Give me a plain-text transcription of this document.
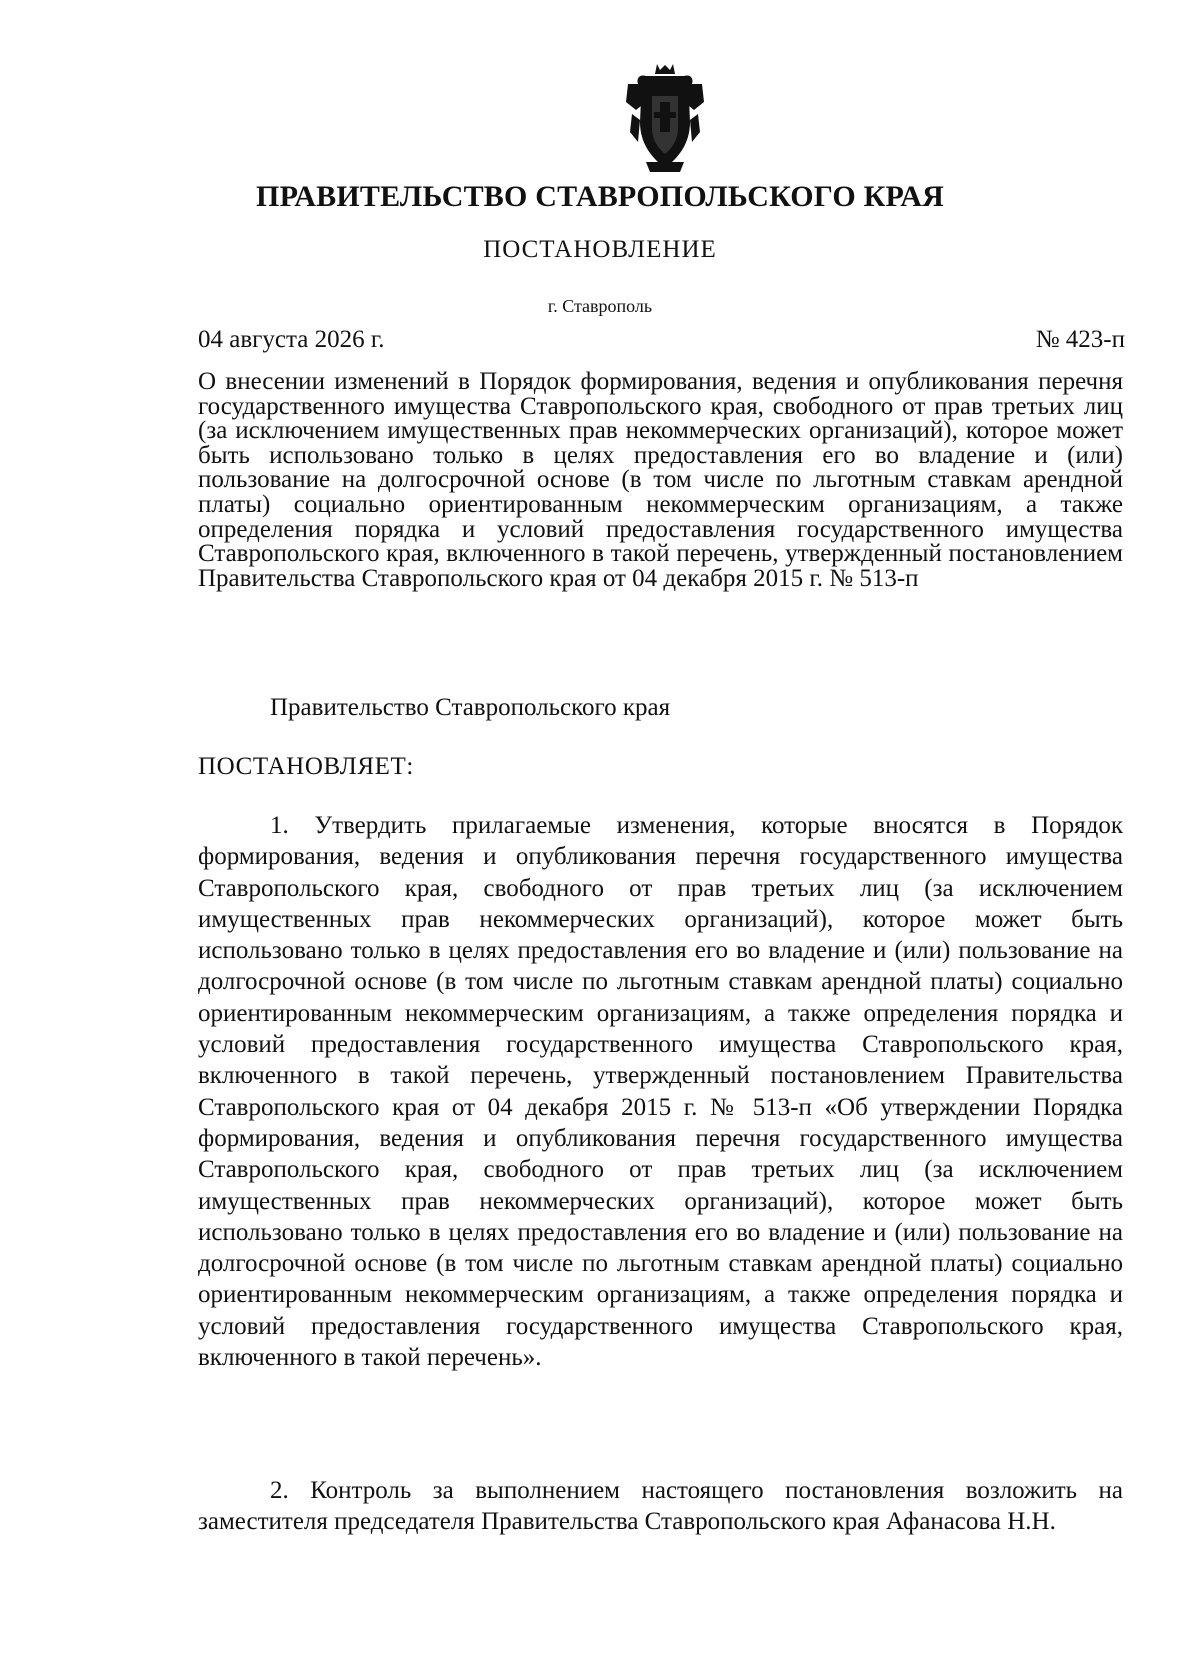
ПРАВИТЕЛЬСТВО СТАВРОПОЛЬСКОГО КРАЯ
ПОСТАНОВЛЕНИЕ
г. Ставрополь
04 августа 2026 г.	№ 423-п

О внесении изменений в Порядок формирования, ведения и опубликования перечня государственного имущества Ставропольского края, свободного от прав третьих лиц (за исключением имущественных прав некоммерческих организаций), которое может быть использовано только в целях предоставления его во владение и (или) пользование на долгосрочной основе (в том числе по льготным ставкам арендной платы) социально ориентированным некоммерческим организациям, а также определения порядка и условий предоставления государственного имущества Ставропольского края, включенного в такой перечень, утвержденный постановлением Правительства Ставропольского края от 04 декабря 2015 г. № 513-п

Правительство Ставропольского края
ПОСТАНОВЛЯЕТ:

1. Утвердить прилагаемые изменения, которые вносятся в Порядок формирования, ведения и опубликования перечня государственного имущества Ставропольского края, свободного от прав третьих лиц (за исключением имущественных прав некоммерческих организаций), которое может быть использовано только в целях предоставления его во владение и (или) пользование на долгосрочной основе (в том числе по льготным ставкам арендной платы) социально ориентированным некоммерческим организациям, а также определения порядка и условий предоставления государственного имущества Ставропольского края, включенного в такой перечень, утвержденный постановлением Правительства Ставропольского края от 04 декабря 2015 г. № 513-п «Об утверждении Порядка формирования, ведения и опубликования перечня государственного имущества Ставропольского края, свободного от прав третьих лиц (за исключением имущественных прав некоммерческих организаций), которое может быть использовано только в целях предоставления его во владение и (или) пользование на долгосрочной основе (в том числе по льготным ставкам арендной платы) социально ориентированным некоммерческим организациям, а также определения порядка и условий предоставления государственного имущества Ставропольского края, включенного в такой перечень».

2. Контроль за выполнением настоящего постановления возложить на заместителя председателя Правительства Ставропольского края Афанасова Н.Н.
